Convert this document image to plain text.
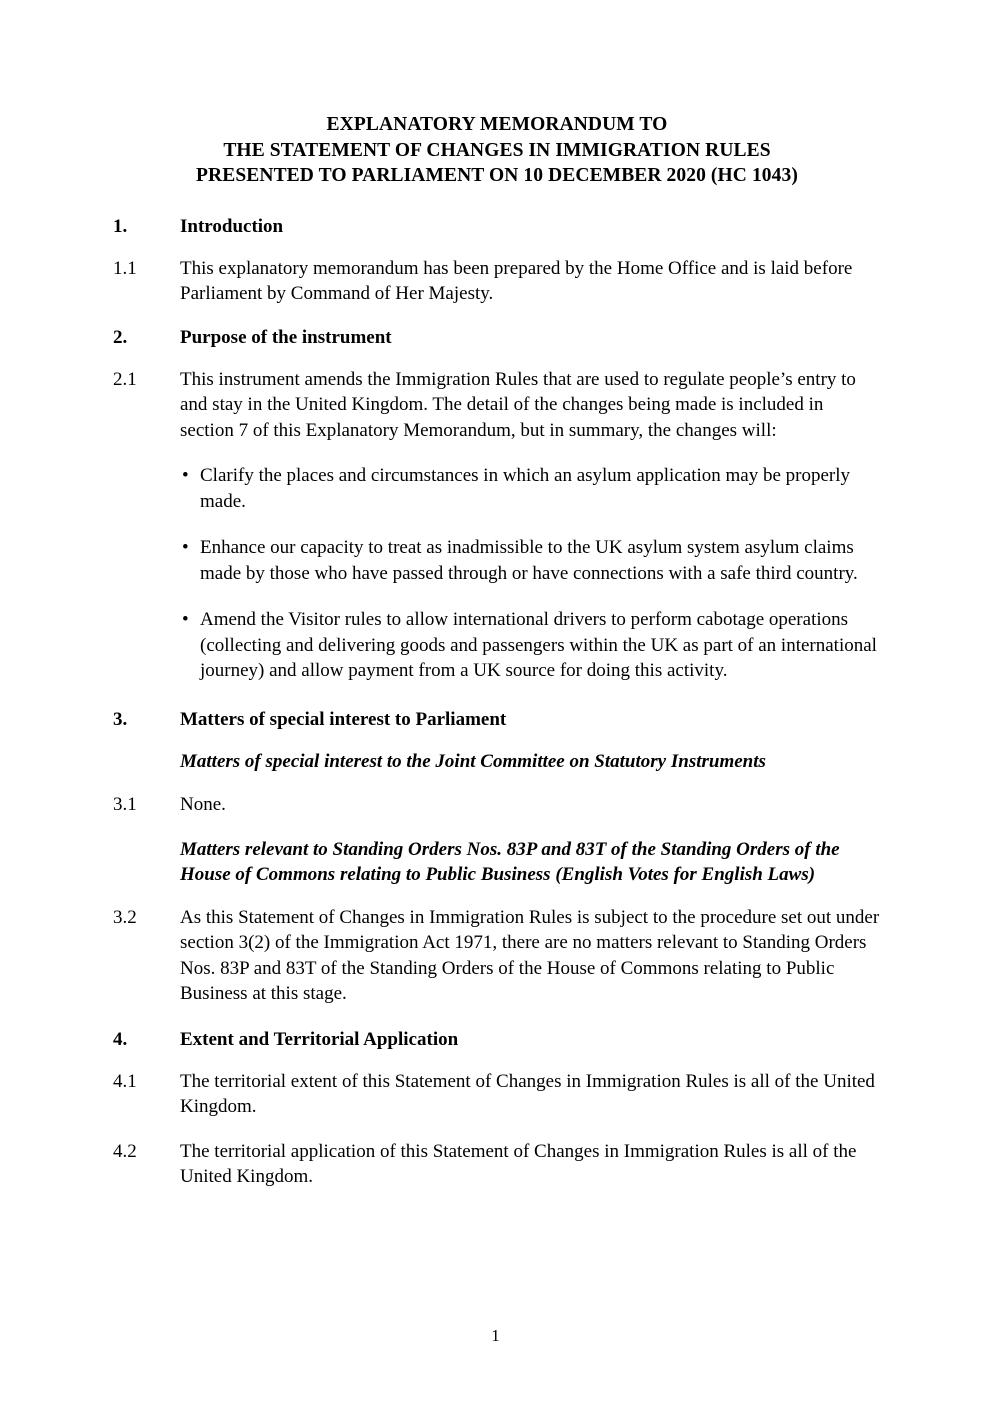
EXPLANATORY MEMORANDUM TO
THE STATEMENT OF CHANGES IN IMMIGRATION RULES
PRESENTED TO PARLIAMENT ON 10 DECEMBER 2020 (HC 1043)
1.	Introduction
1.1	This explanatory memorandum has been prepared by the Home Office and is laid before Parliament by Command of Her Majesty.
2.	Purpose of the instrument
2.1	This instrument amends the Immigration Rules that are used to regulate people’s entry to and stay in the United Kingdom. The detail of the changes being made is included in section 7 of this Explanatory Memorandum, but in summary, the changes will:
• Clarify the places and circumstances in which an asylum application may be properly made.
• Enhance our capacity to treat as inadmissible to the UK asylum system asylum claims made by those who have passed through or have connections with a safe third country.
• Amend the Visitor rules to allow international drivers to perform cabotage operations (collecting and delivering goods and passengers within the UK as part of an international journey) and allow payment from a UK source for doing this activity.
3.	Matters of special interest to Parliament
Matters of special interest to the Joint Committee on Statutory Instruments
3.1	None.
Matters relevant to Standing Orders Nos. 83P and 83T of the Standing Orders of the House of Commons relating to Public Business (English Votes for English Laws)
3.2	As this Statement of Changes in Immigration Rules is subject to the procedure set out under section 3(2) of the Immigration Act 1971, there are no matters relevant to Standing Orders Nos. 83P and 83T of the Standing Orders of the House of Commons relating to Public Business at this stage.
4.	Extent and Territorial Application
4.1	The territorial extent of this Statement of Changes in Immigration Rules is all of the United Kingdom.
4.2	The territorial application of this Statement of Changes in Immigration Rules is all of the United Kingdom.
1
